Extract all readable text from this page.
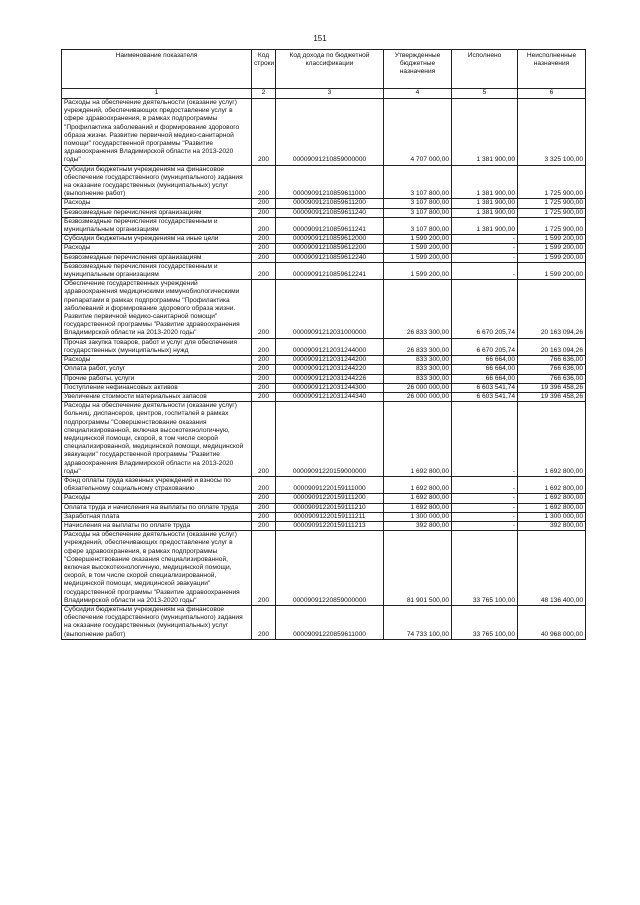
151
Наименование показателя	Код строки	Код дохода по бюджетной классификации	Утвержденные бюджетные назначения	Исполнено	Неисполненные назначения
1	2	3	4	5	6
Расходы на обеспечение деятельности (оказание услуг) учреждений, обеспечивающих предоставление услуг в сфере здравоохранения, в рамках подпрограммы "Профилактика заболеваний и формирование здорового образа жизни. Развитие первичной медико-санитарной помощи" государственной программы "Развитие здравоохранения Владимирской области на 2013-2020 годы"	200	00009091210859000000	4 707 000,00	1 381 900,00	3 325 100,00
Субсидии бюджетным учреждениям на финансовое обеспечение государственного (муниципального) задания на оказание государственных (муниципальных) услуг (выполнение работ)	200	00009091210859611000	3 107 800,00	1 381 900,00	1 725 900,00
Расходы	200	00009091210859611200	3 107 800,00	1 381 900,00	1 725 900,00
Безвозмездные перечисления организациям	200	00009091210859611240	3 107 800,00	1 381 900,00	1 725 900,00
Безвозмездные перечисления государственным и муниципальным организациям	200	00009091210859611241	3 107 800,00	1 381 900,00	1 725 900,00
Субсидии бюджетным учреждениям на иные цели	200	00009091210859612000	1 599 200,00	-	1 599 200,00
Расходы	200	00009091210859612200	1 599 200,00	-	1 599 200,00
Безвозмездные перечисления организациям	200	00009091210859612240	1 599 200,00	-	1 599 200,00
Безвозмездные перечисления государственным и муниципальным организациям	200	00009091210859612241	1 599 200,00	-	1 599 200,00
Обеспечение государственных учреждений здравоохранения медицинскими иммунобиологическими препаратами в рамках подпрограммы "Профилактика заболеваний и формирование здорового образа жизни. Развитие первичной медико-санитарной помощи" государственной программы "Развитие здравоохранения Владимирской области на 2013-2020 годы"	200	00009091212031000000	26 833 300,00	6 670 205,74	20 163 094,26
Прочая закупка товаров, работ и услуг для обеспечения государственных (муниципальных) нужд	200	00009091212031244000	26 833 300,00	6 670 205,74	20 163 094,26
Расходы	200	00009091212031244200	833 300,00	66 664,00	766 636,00
Оплата работ, услуг	200	00009091212031244220	833 300,00	66 664,00	766 636,00
Прочие работы, услуги	200	00009091212031244226	833 300,00	66 664,00	766 636,00
Поступление нефинансовых активов	200	00009091212031244300	26 000 000,00	6 603 541,74	19 396 458,26
Увеличение стоимости материальных запасов	200	00009091212031244340	26 000 000,00	6 603 541,74	19 396 458,26
Расходы на обеспечение деятельности (оказание услуг) больниц, диспансеров, центров, госпиталей в рамках подпрограммы "Совершенствование оказания специализированной, включая высокотехнологичную, медицинской помощи, скорой, в том числе скорой специализированной, медицинской помощи, медицинской эвакуации" государственной программы "Развитие здравоохранения Владимирской области на 2013-2020 годы"	200	00009091220159000000	1 692 800,00	-	1 692 800,00
Фонд оплаты труда казенных учреждений и взносы по обязательному социальному страхованию	200	00009091220159111000	1 692 800,00	-	1 692 800,00
Расходы	200	00009091220159111200	1 692 800,00	-	1 692 800,00
Оплата труда и начисления на выплаты по оплате труда	200	00009091220159111210	1 692 800,00	-	1 692 800,00
Заработная плата	200	00009091220159111211	1 300 000,00	-	1 300 000,00
Начисления на выплаты по оплате труда	200	00009091220159111213	392 800,00	-	392 800,00
Расходы на обеспечение деятельности (оказание услуг) учреждений, обеспечивающих предоставление услуг в сфере здравоохранения, в рамках подпрограммы "Совершенствование оказания специализированной, включая высокотехнологичную, медицинской помощи, скорой, в том числе скорой специализированной, медицинской помощи, медицинской эвакуации" государственной программы "Развитие здравоохранения Владимирской области на 2013-2020 годы"	200	00009091220859000000	81 901 500,00	33 765 100,00	48 136 400,00
Субсидии бюджетным учреждениям на финансовое обеспечение государственного (муниципального) задания на оказание государственных (муниципальных) услуг (выполнение работ)	200	00009091220859611000	74 733 100,00	33 765 100,00	40 968 000,00
